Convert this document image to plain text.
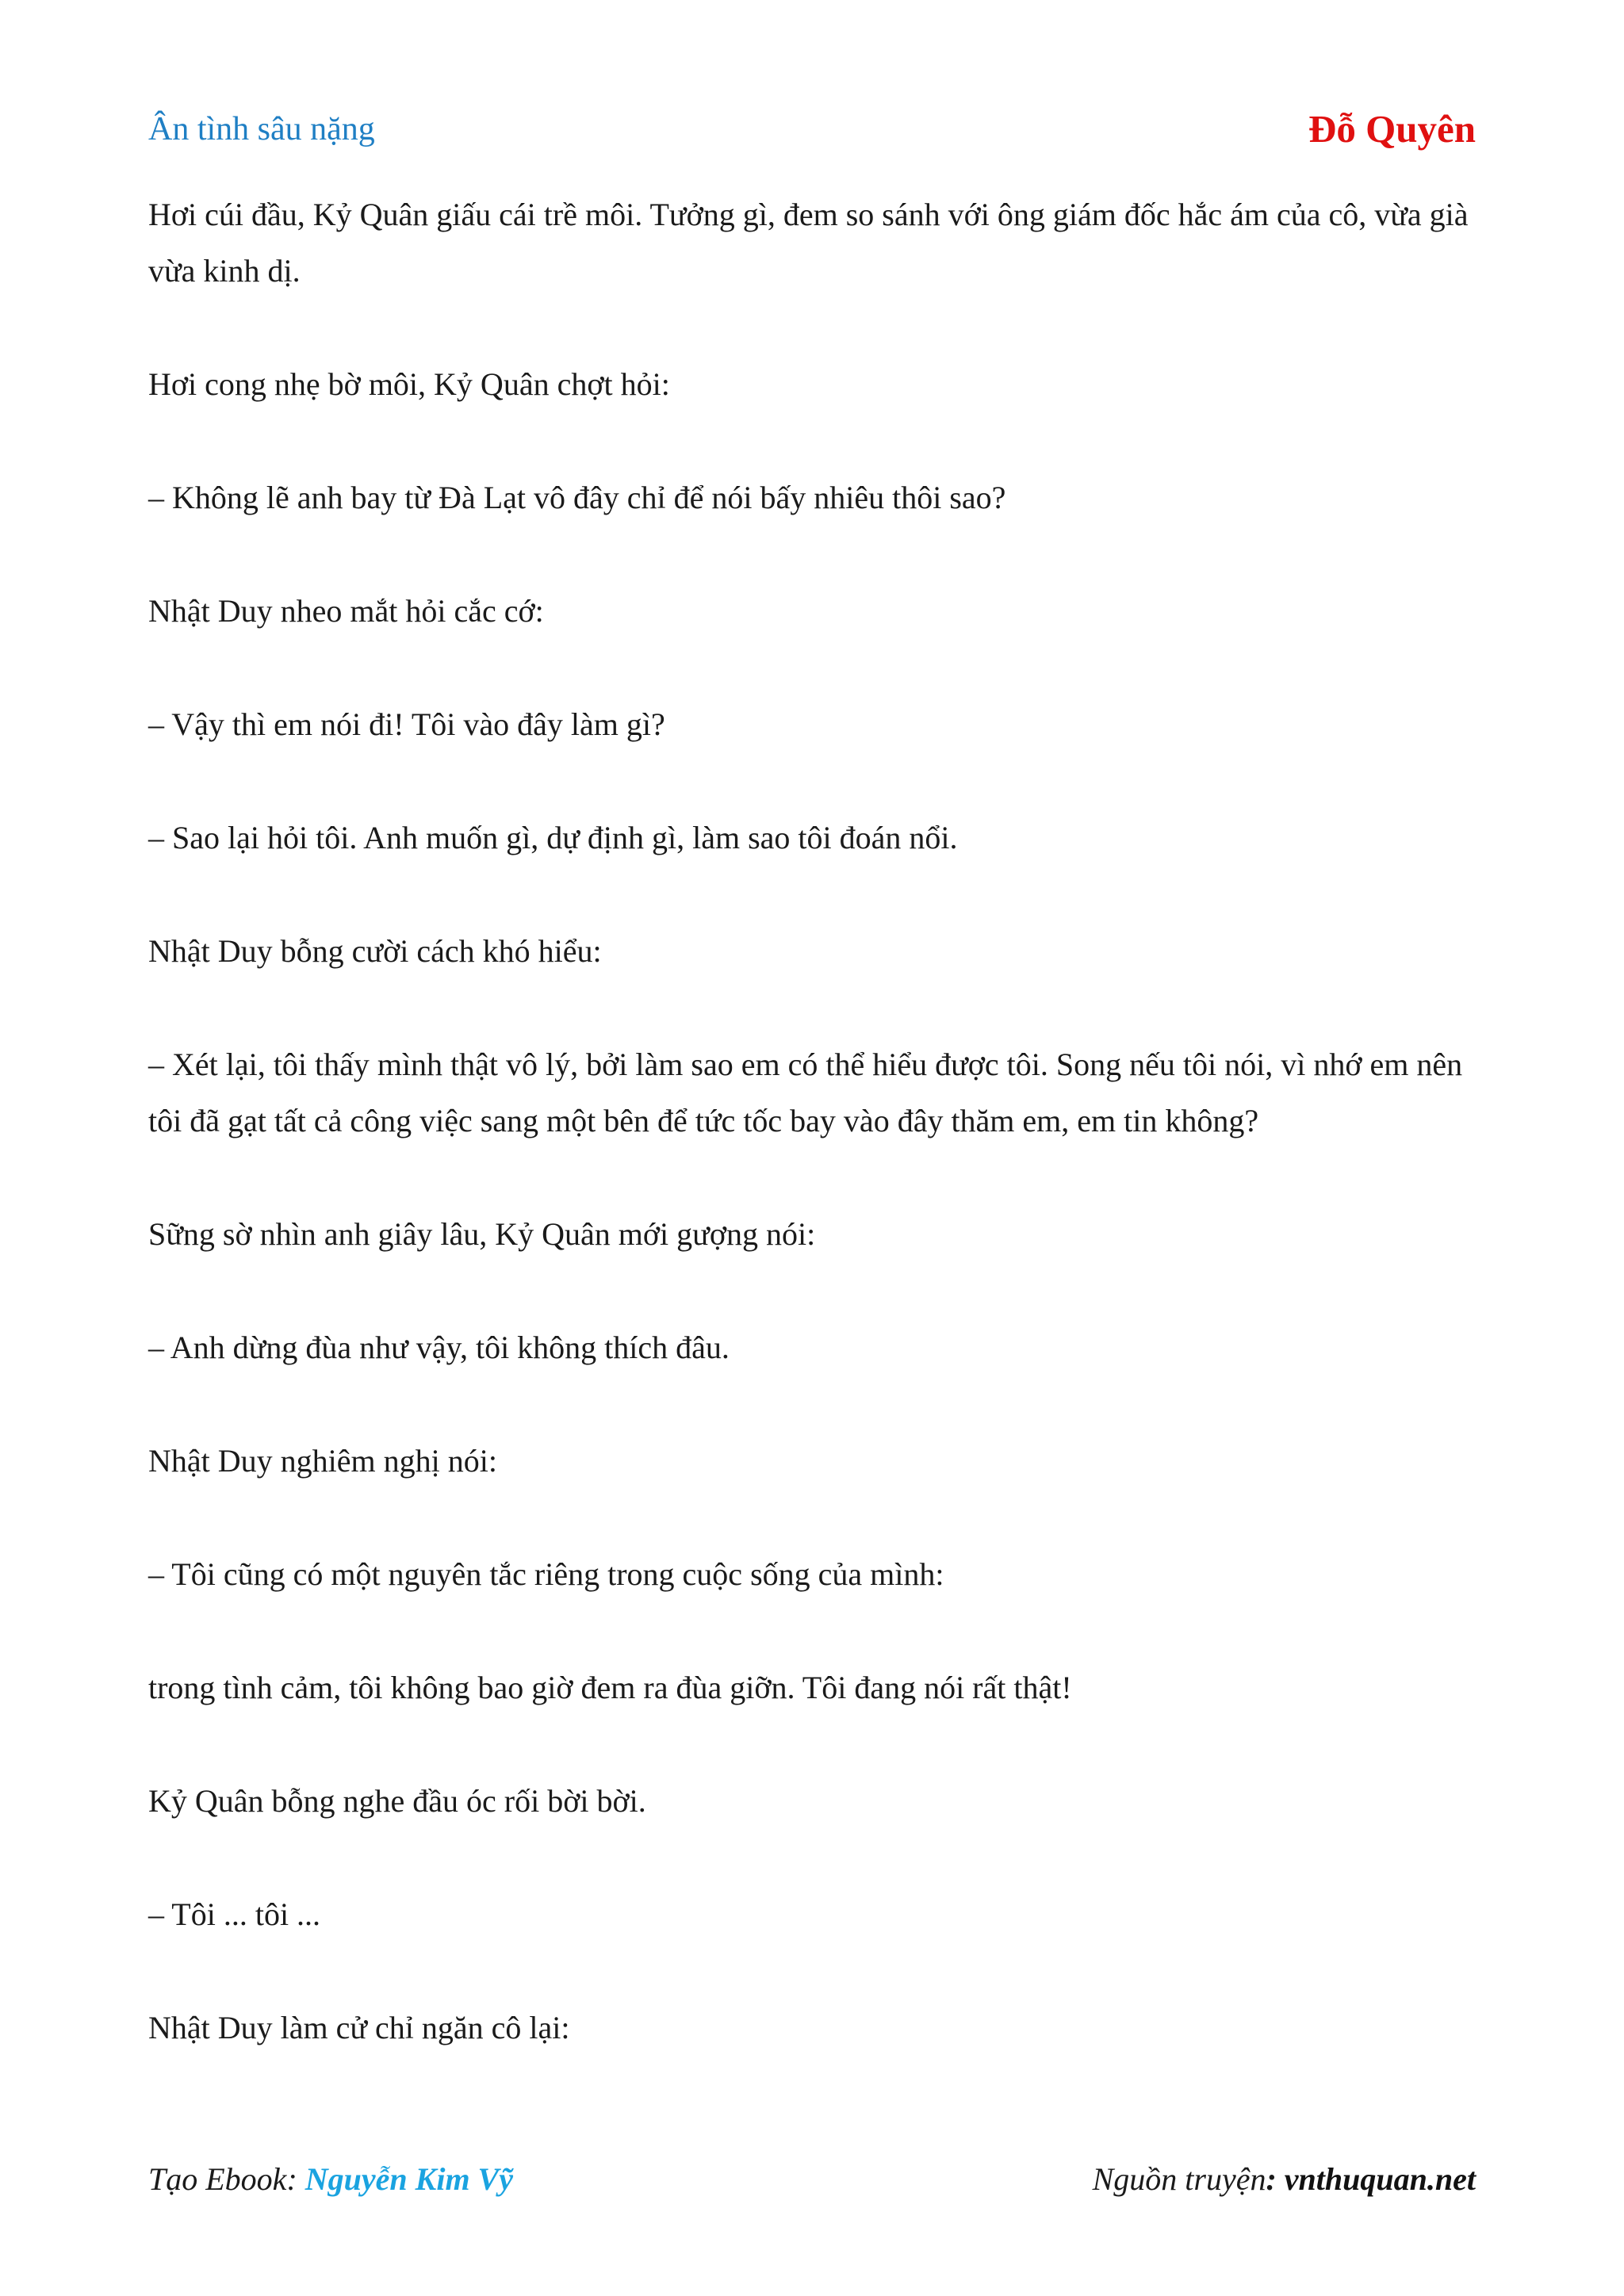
Ân tình sâu nặng	Đỗ Quyên

Hơi cúi đầu, Kỷ Quân giấu cái trề môi. Tưởng gì, đem so sánh với ông giám đốc hắc ám của cô, vừa già vừa kinh dị.

Hơi cong nhẹ bờ môi, Kỷ Quân chợt hỏi:

– Không lẽ anh bay từ Đà Lạt vô đây chỉ để nói bấy nhiêu thôi sao?

Nhật Duy nheo mắt hỏi cắc cớ:

– Vậy thì em nói đi! Tôi vào đây làm gì?

– Sao lại hỏi tôi. Anh muốn gì, dự định gì, làm sao tôi đoán nổi.

Nhật Duy bỗng cười cách khó hiểu:

– Xét lại, tôi thấy mình thật vô lý, bởi làm sao em có thể hiểu được tôi. Song nếu tôi nói, vì nhớ em nên tôi đã gạt tất cả công việc sang một bên để tức tốc bay vào đây thăm em, em tin không?

Sững sờ nhìn anh giây lâu, Kỷ Quân mới gượng nói:

– Anh dừng đùa như vậy, tôi không thích đâu.

Nhật Duy nghiêm nghị nói:

– Tôi cũng có một nguyên tắc riêng trong cuộc sống của mình:

trong tình cảm, tôi không bao giờ đem ra đùa giỡn. Tôi đang nói rất thật!

Kỷ Quân bỗng nghe đầu óc rối bời bời.

– Tôi ... tôi ...

Nhật Duy làm cử chỉ ngăn cô lại:

Tạo Ebook: Nguyễn Kim Vỹ	Nguồn truyện: vnthuquan.net
